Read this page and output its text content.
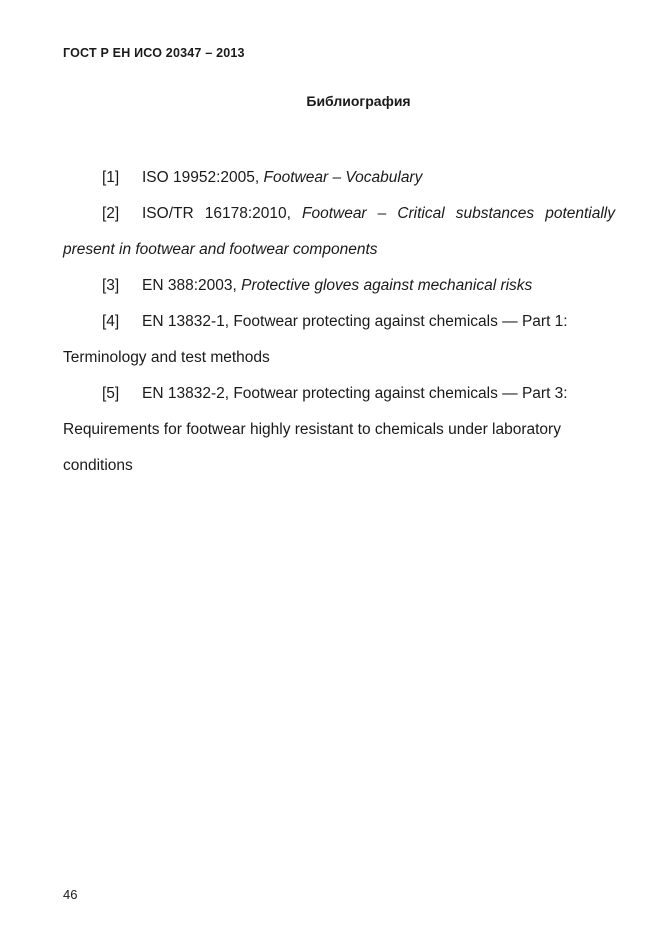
ГОСТ Р ЕН ИСО 20347 – 2013
Библиография

[1] ISO 19952:2005, Footwear – Vocabulary

[2] ISO/TR 16178:2010, Footwear – Critical substances potentially present in footwear and footwear components

[3] EN 388:2003, Protective gloves against mechanical risks

[4] EN 13832-1, Footwear protecting against chemicals — Part 1: Terminology and test methods

[5] EN 13832-2, Footwear protecting against chemicals — Part 3: Requirements for footwear highly resistant to chemicals under laboratory conditions

46
